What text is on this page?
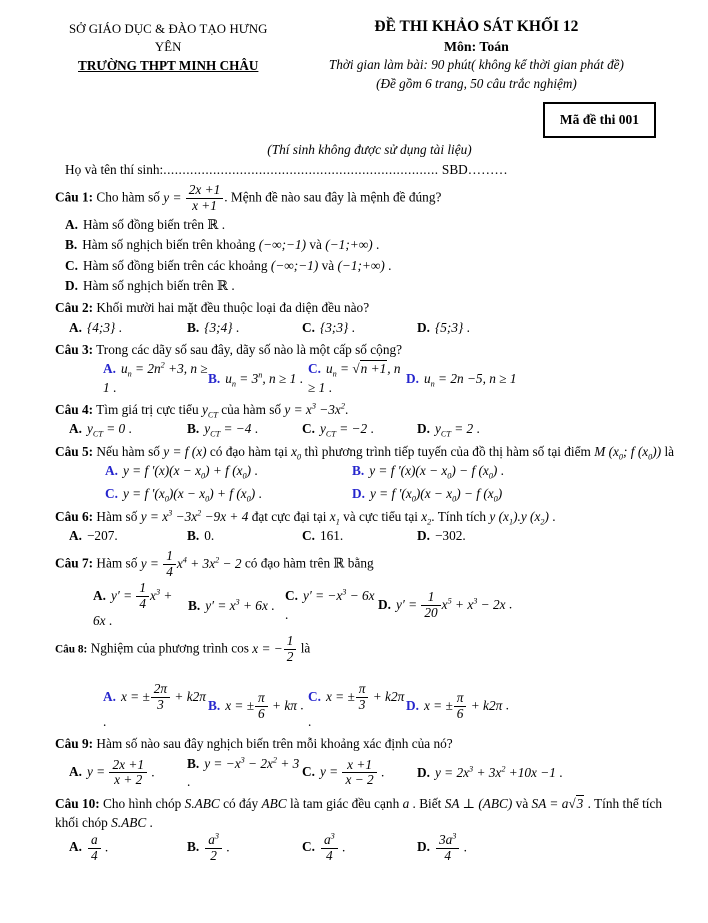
SỞ GIÁO DỤC & ĐÀO TẠO HƯNG YÊN
TRƯỜNG THPT MINH CHÂU
ĐỀ THI KHẢO SÁT KHỐI 12
Môn: Toán
Thời gian làm bài: 90 phút( không kể thời gian phát đề)
(Đề gồm 6 trang, 50 câu trắc nghiệm)
Mã đề thi 001
(Thí sinh không được sử dụng tài liệu)
Họ và tên thí sinh:........................................................................ SBD………
Câu 1: Cho hàm số $y = \frac{2x +1}{x +1}$ . Mệnh đề nào sau đây là mệnh đề đúng?
A. Hàm số đồng biến trên ℝ .
B. Hàm số nghịch biến trên khoảng (−∞;−1) và (−1;+∞) .
C. Hàm số đồng biến trên các khoảng (−∞;−1) và (−1;+∞) .
D. Hàm số nghịch biến trên ℝ .
Câu 2: Khối mười hai mặt đều thuộc loại đa diện đều nào?
A. {4;3} .	B. {3;4} .	C. {3;3} .	D. {5;3} .
Câu 3: Trong các dãy số sau đây, dãy số nào là một cấp số cộng?
A. $u_n = 2n^2 +3$, n ≥ 1 .
B. $u_n = 3^n$, n ≥ 1 .
C. $u_n = √n +1$, n ≥ 1 .
D. $u_n = 2n -5$, n ≥ 1
Câu 4: Tìm giá trị cực tiểu $y_{CT}$ của hàm số $y = x^3 -3x^2$.
A. $y_{CT} = 0$ .	B. $y_{CT} = -4$ .	C. $y_{CT} = -2$ .	D. $y_{CT} = 2$ .
Câu 5: Nếu hàm số y = f (x) có đạo hàm tại $x_0$ thì phương trình tiếp tuyến của đồ thị hàm số tại điểm M ($x_0$; f $(x_0)$) là
A. y = f $'(x)(x - x_0) + f$ $(x_0)$ .	B. y = f $'(x)(x - x_0) - f$ $(x_0)$ .
C. y = f $'(x_0)(x - x_0) + f$ $(x_0)$ .	D. y = f $'(x_0)(x - x_0) - f$ $(x_0)$
Câu 6: Hàm số $y = x^3 -3x^2 -9x + 4$ đạt cực đại tại $x_1$ và cực tiểu tại $x_2$. Tính tích y $(x_1).y$ $(x_2)$ .
A. −207.	B. 0.	C. 161.	D. −302.
Câu 7: Hàm số $y = \frac{1}{4} x^4 + 3x^2 - 2$ có đạo hàm trên ℝ bằng
A. $y' = \frac{1}{4} x^3 + 6x$ .
B. $y' = x^3 + 6x$ .
C. $y' = -x^3 - 6x$ .
D. $y' = \frac{1}{20} x^5 + x^3 - 2x$ .
Câu 8: Nghiệm của phương trình cos x = − $\frac{1}{2}$ là
A. x = ± $\frac{2\pi}{3} + k2\pi$ .
B. x = ± $\frac{\pi}{6} + k\pi$ .
C. x = ± $\frac{\pi}{3} + k2\pi$ .
D. x = ± $\frac{\pi}{6} + k2\pi$ .
Câu 9: Hàm số nào sau đây nghịch biến trên mỗi khoảng xác định của nó?
A. $y = \frac{2x +1}{x + 2}$ .
B. $y = -x^3 - 2x^2 + 3$ .
C. $y = \frac{x +1}{x - 2}$ .	D. $y = 2x^3 + 3x^2 +10x -1$ .
Câu 10: Cho hình chóp S.ABC có đáy ABC là tam giác đều cạnh a . Biết SA ⊥ (ABC) và SA = a√3 . Tính thể tích khối chóp S.ABC .
A. $\frac{a}{4}$ .	B. $\frac{a^3}{2}$ .	C. $\frac{a^3}{4}$ .	D. $\frac{3a^3}{4}$ .
